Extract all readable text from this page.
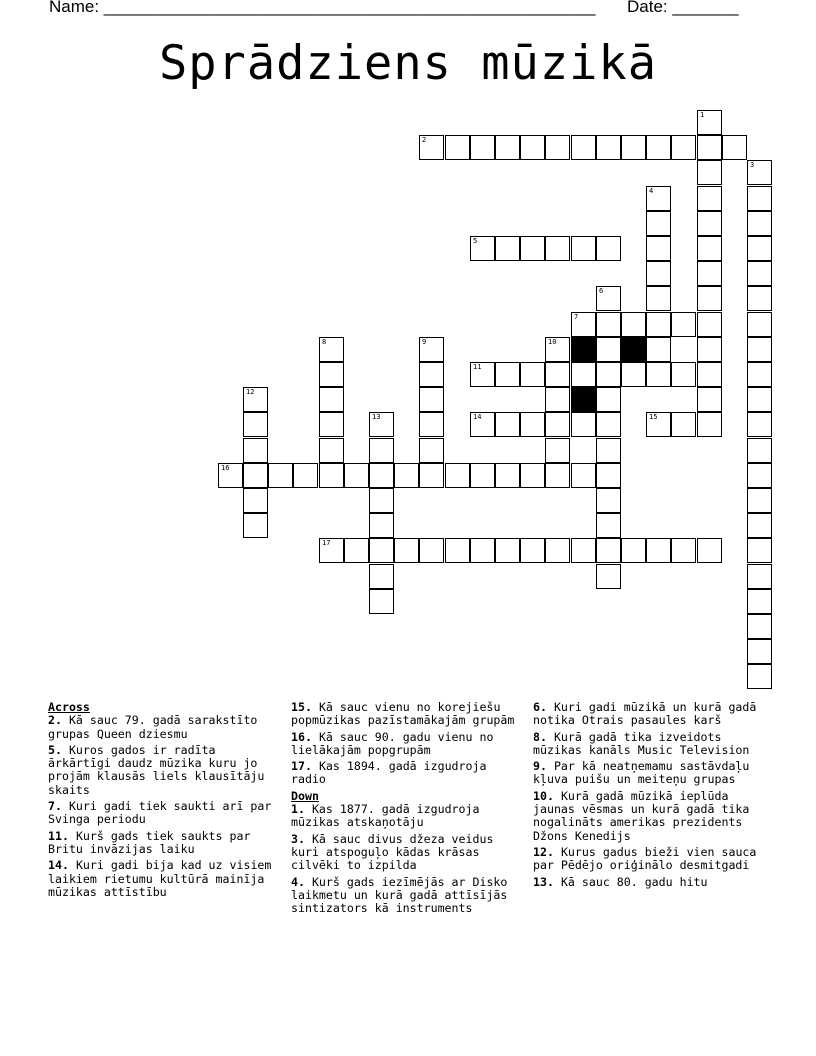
Name: ____________________________________________________ Date: _______
Sprādziens mūzikā
1
2
3
4
5
6
7
8	9	10
11
12
13	14	15
16
17

Across

2. Kā sauc 79. gadā sarakstīto grupas Queen dziesmu

5. Kuros gados ir radīta ārkārtīgi daudz mūzika kuru jo projām klausās liels klausītāju skaits

7. Kuri gadi tiek saukti arī par Svinga periodu

11. Kurš gads tiek saukts par Britu invāzijas laiku

14. Kuri gadi bija kad uz visiem laikiem rietumu kultūrā mainīja mūzikas attīstību

15. Kā sauc vienu no korejiešu popmūzikas pazīstamākajām grupām

16. Kā sauc 90. gadu vienu no lielākajām popgrupām

17. Kas 1894. gadā izgudroja radio

Down

1. Kas 1877. gadā izgudroja mūzikas atskaņotāju

3. Kā sauc divus džeza veidus kuri atspoguļo kādas krāsas cilvēki to izpilda

4. Kurš gads iezīmējās ar Disko laikmetu un kurā gadā attīsījās sintizators kā instruments

6. Kuri gadi mūzikā un kurā gadā notika Otrais pasaules karš

8. Kurā gadā tika izveidots mūzikas kanāls Music Television

9. Par kā neatņemamu sastāvdaļu kļuva puišu un meiteņu grupas

10. Kurā gadā mūzikā ieplūda jaunas vēsmas un kurā gadā tika nogalināts amerikas prezidents Džons Kenedijs

12. Kurus gadus bieži vien sauca par Pēdējo oriģinālo desmitgadi

13. Kā sauc 80. gadu hitu
